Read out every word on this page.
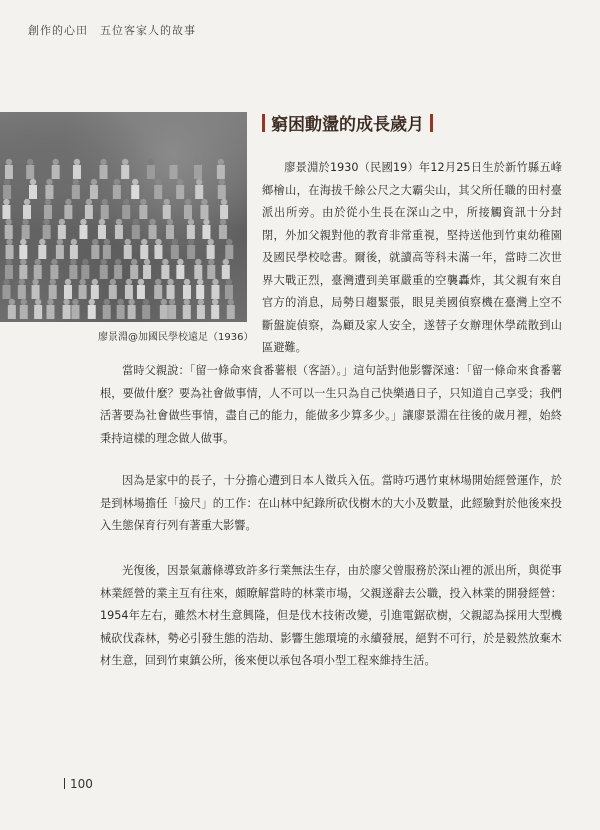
創作的心田　五位客家人的故事
廖景淵@加國民學校遠足（1936）
窮困動盪的成長歲月

廖景淵於1930（民國19）年12月25日生於新竹縣五峰鄉檜山，在海拔千餘公尺之大霸尖山，其父所任職的田村臺派出所旁。由於從小生長在深山之中，所接觸資訊十分封閉，外加父親對他的教育非常重視，堅持送他到竹東幼稚園及國民學校唸書。爾後，就讀高等科未滿一年，當時二次世界大戰正烈，臺灣遭到美軍嚴重的空襲轟炸，其父親有來自官方的消息，局勢日趨緊張，眼見美國偵察機在臺灣上空不斷盤旋偵察，為顧及家人安全，遂替子女辦理休學疏散到山區避難。

當時父親說：「留一條命來食番薯根（客語）。」這句話對他影響深遠：「留一條命來食番薯根，要做什麼？要為社會做事情，人不可以一生只為自己快樂過日子，只知道自己享受；我們活著要為社會做些事情，盡自己的能力，能做多少算多少。」讓廖景淵在往後的歲月裡，始終秉持這樣的理念做人做事。

因為是家中的長子，十分擔心遭到日本人徵兵入伍。當時巧遇竹東林場開始經營運作，於是到林場擔任「撿尺」的工作：在山林中紀錄所砍伐樹木的大小及數量，此經驗對於他後來投入生態保育行列有著重大影響。

光復後，因景氣蕭條導致許多行業無法生存，由於廖父曾服務於深山裡的派出所，與從事林業經營的業主互有往來，頗瞭解當時的林業市場，父親遂辭去公職，投入林業的開發經營：1954年左右，雖然木材生意興隆，但是伐木技術改變，引進電鋸砍樹，父親認為採用大型機械砍伐森林，勢必引發生態的浩劫、影響生態環境的永續發展，絕對不可行，於是毅然放棄木材生意，回到竹東鎮公所，後來便以承包各項小型工程來維持生活。

100
